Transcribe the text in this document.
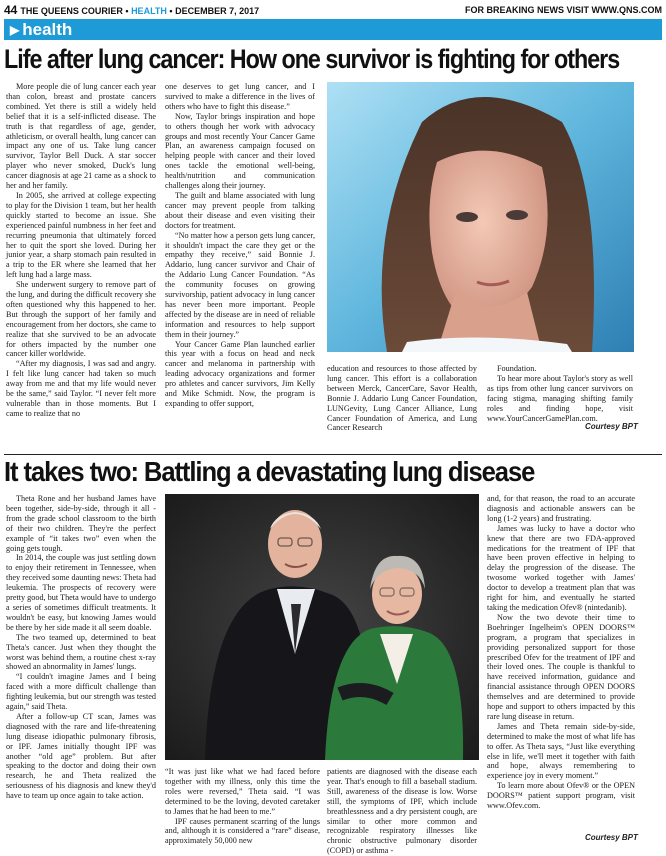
44 THE QUEENS COURIER • HEALTH • DECEMBER 7, 2017	FOR BREAKING NEWS VISIT WWW.QNS.COM
▶ health
Life after lung cancer: How one survivor is fighting for others

More people die of lung cancer each year than colon, breast and prostate cancers combined. Yet there is still a widely held belief that it is a self-inflicted disease. The truth is that regardless of age, gender, athleticism, or overall health, lung cancer can impact any one of us. Take lung cancer survivor, Taylor Bell Duck. A star soccer player who never smoked, Duck's lung cancer diagnosis at age 21 came as a shock to her and her family.

In 2005, she arrived at college expecting to play for the Division 1 team, but her health quickly started to become an issue. She experienced painful numbness in her feet and recurring pneumonia that ultimately forced her to quit the sport she loved. During her junior year, a sharp stomach pain resulted in a trip to the ER where she learned that her left lung had a large mass.

She underwent surgery to remove part of the lung, and during the difficult recovery she often questioned why this happened to her. But through the support of her family and encouragement from her doctors, she came to realize that she survived to be an advocate for others impacted by the number one cancer killer worldwide.

“After my diagnosis, I was sad and angry. I felt like lung cancer had taken so much away from me and that my life would never be the same,” said Taylor. “I never felt more vulnerable than in those moments. But I came to realize that no

one deserves to get lung cancer, and I survived to make a difference in the lives of others who have to fight this disease.”

Now, Taylor brings inspiration and hope to others though her work with advocacy groups and most recently Your Cancer Game Plan, an awareness campaign focused on helping people with cancer and their loved ones tackle the emotional well-being, health/nutrition and communication challenges along their journey.

The guilt and blame associated with lung cancer may prevent people from talking about their disease and even visiting their doctors for treatment.

“No matter how a person gets lung cancer, it shouldn't impact the care they get or the empathy they receive,” said Bonnie J. Addario, lung cancer survivor and Chair of the Addario Lung Cancer Foundation. “As the community focuses on growing survivorship, patient advocacy in lung cancer has never been more important. People affected by the disease are in need of reliable information and resources to help support them in their journey.”

Your Cancer Game Plan launched earlier this year with a focus on head and neck cancer and melanoma in partnership with leading advocacy organizations and former pro athletes and cancer survivors, Jim Kelly and Mike Schmidt. Now, the program is expanding to offer support,

education and resources to those affected by lung cancer. This effort is a collaboration between Merck, CancerCare, Savor Health, Bonnie J. Addario Lung Cancer Foundation, LUNGevity, Lung Cancer Alliance, Lung Cancer Foundation of America, and Lung Cancer Research

Foundation.

To hear more about Taylor's story as well as tips from other lung cancer survivors on facing stigma, managing shifting family roles and finding hope, visit www.YourCancerGamePlan.com.

Courtesy BPT
It takes two: Battling a devastating lung disease

Theta Rone and her husband James have been together, side-by-side, through it all - from the grade school classroom to the birth of their two children. They're the perfect example of “it takes two” even when the going gets tough.

In 2014, the couple was just settling down to enjoy their retirement in Tennessee, when they received some daunting news: Theta had leukemia. The prospects of recovery were pretty good, but Theta would have to undergo a series of sometimes difficult treatments. It wouldn't be easy, but knowing James would be there by her side made it all seem doable.

The two teamed up, determined to beat Theta's cancer. Just when they thought the worst was behind them, a routine chest x-ray showed an abnormality in James' lungs.

“I couldn't imagine James and I being faced with a more difficult challenge than fighting leukemia, but our strength was tested again,” said Theta.

After a follow-up CT scan, James was diagnosed with the rare and life-threatening lung disease idiopathic pulmonary fibrosis, or IPF. James initially thought IPF was another “old age” problem. But after speaking to the doctor and doing their own research, he and Theta realized the seriousness of his diagnosis and knew they'd have to team up once again to take action.

“It was just like what we had faced before together with my illness, only this time the roles were reversed,” Theta said. “I was determined to be the loving, devoted caretaker to James that he had been to me.”

IPF causes permanent scarring of the lungs and, although it is considered a “rare” disease, approximately 50,000 new

patients are diagnosed with the disease each year. That's enough to fill a baseball stadium. Still, awareness of the disease is low. Worse still, the symptoms of IPF, which include breathlessness and a dry persistent cough, are similar to other more common and recognizable respiratory illnesses like chronic obstructive pulmonary disorder (COPD) or asthma -

and, for that reason, the road to an accurate diagnosis and actionable answers can be long (1-2 years) and frustrating.

James was lucky to have a doctor who knew that there are two FDA-approved medications for the treatment of IPF that have been proven effective in helping to delay the progression of the disease. The twosome worked together with James' doctor to develop a treatment plan that was right for him, and eventually he started taking the medication Ofev® (nintedanib).

Now the two devote their time to Boehringer Ingelheim's OPEN DOORS™ program, a program that specializes in providing personalized support for those prescribed Ofev for the treatment of IPF and their loved ones. The couple is thankful to have received information, guidance and financial assistance through OPEN DOORS themselves and are determined to provide hope and support to others impacted by this rare lung disease in return.

James and Theta remain side-by-side, determined to make the most of what life has to offer. As Theta says, “Just like everything else in life, we'll meet it together with faith and hope, always remembering to experience joy in every moment.”

To learn more about Ofev® or the OPEN DOORS™ patient support program, visit www.Ofev.com.

Courtesy BPT
